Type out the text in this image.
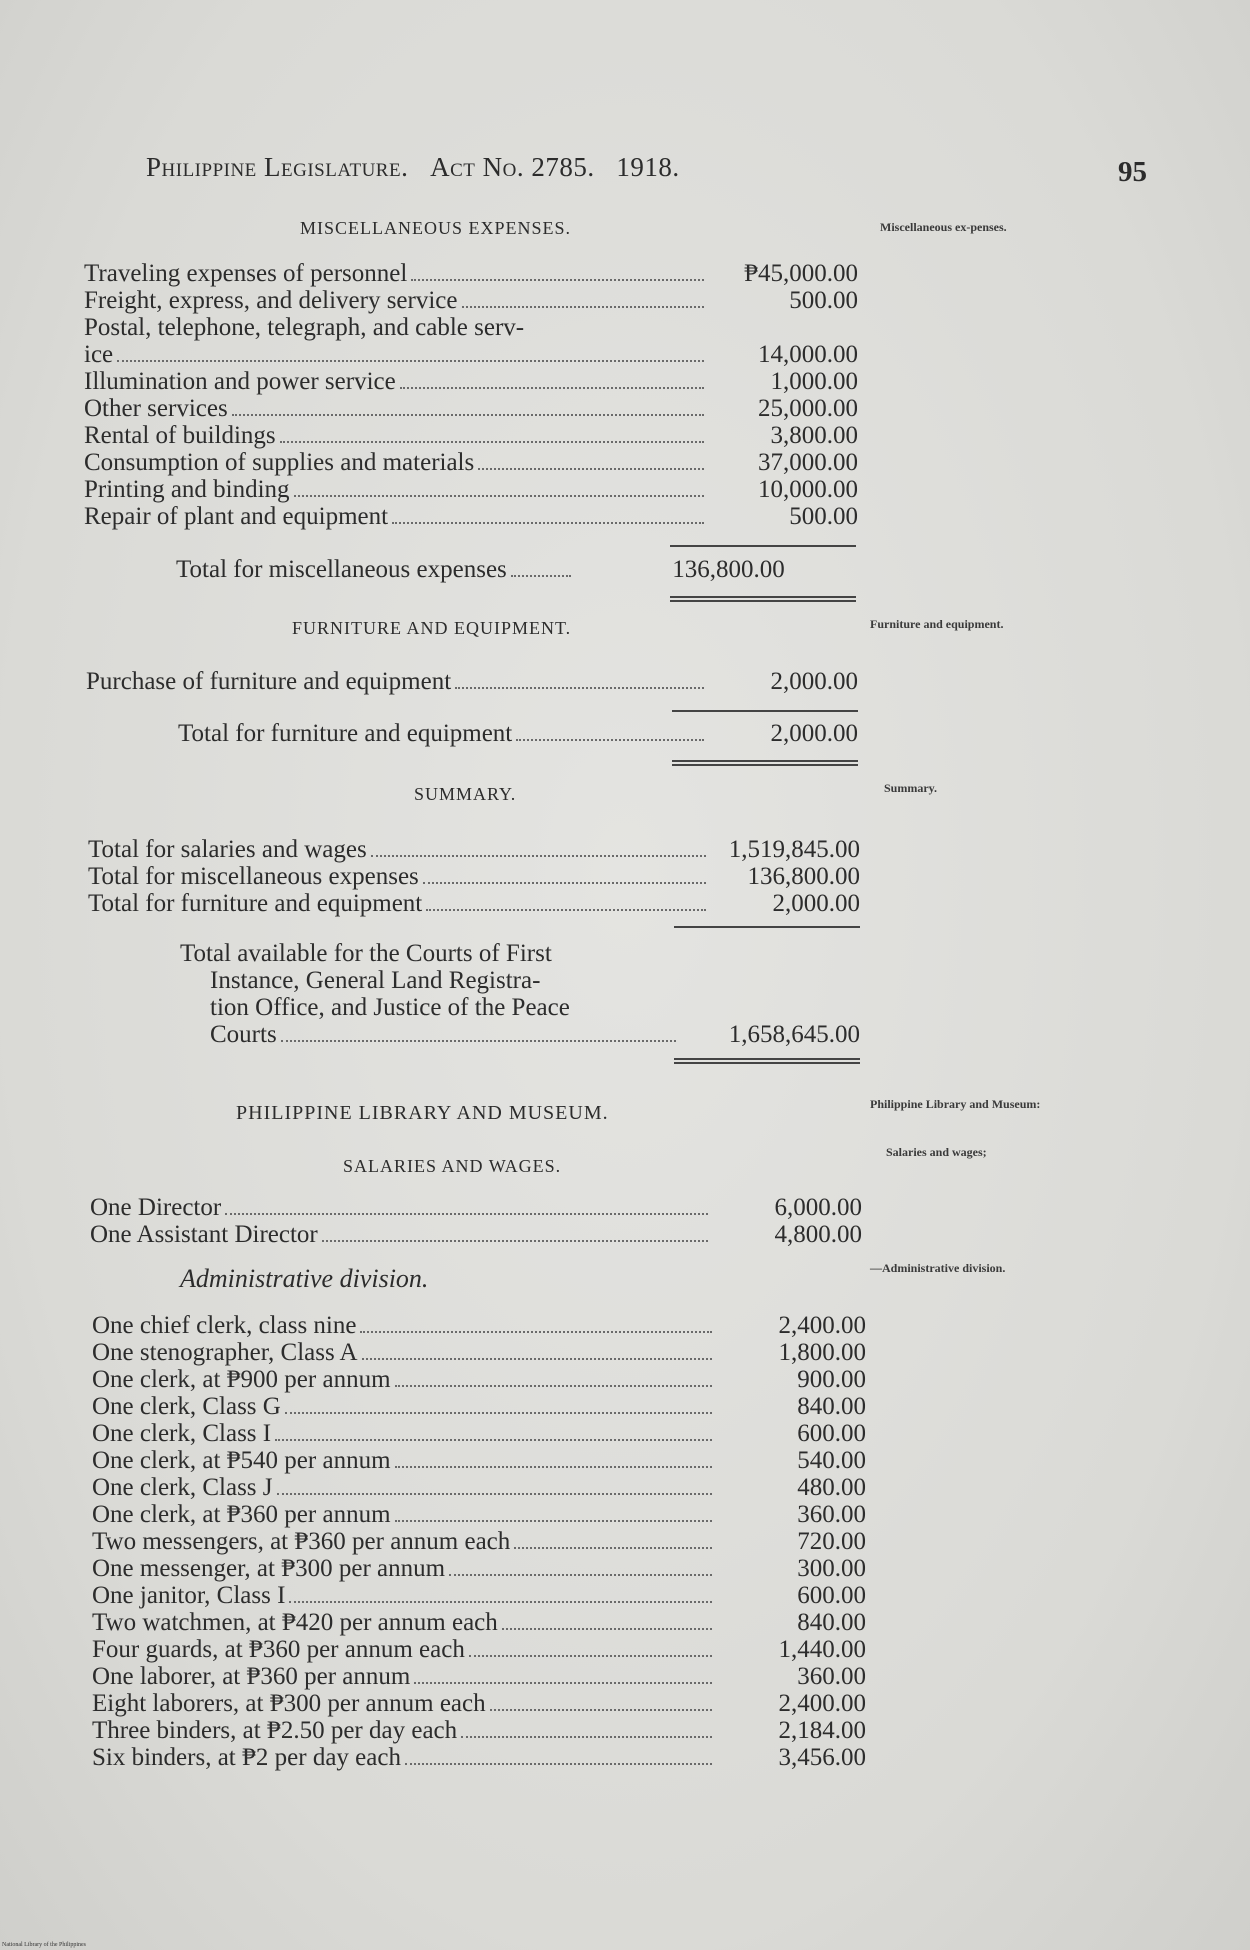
Philippine Legislature. Act No. 2785. 1918.	95
MISCELLANEOUS EXPENSES.	Miscellaneous ex-penses.
Traveling expenses of personnel	₱45,000.00
Freight, express, and delivery service	500.00
Postal, telephone, telegraph, and cable serv-
ice	14,000.00
Illumination and power service	1,000.00
Other services	25,000.00
Rental of buildings	3,800.00
Consumption of supplies and materials	37,000.00
Printing and binding	10,000.00
Repair of plant and equipment	500.00
Total for miscellaneous expenses	136,800.00
FURNITURE AND EQUIPMENT.	Furniture and equipment.
Purchase of furniture and equipment	2,000.00
Total for furniture and equipment	2,000.00
SUMMARY.	Summary.
Total for salaries and wages	1,519,845.00
Total for miscellaneous expenses	136,800.00
Total for furniture and equipment	2,000.00
Total available for the Courts of First
Instance, General Land Registra-
tion Office, and Justice of the Peace
Courts	1,658,645.00
PHILIPPINE LIBRARY AND MUSEUM.	Philippine Library and Museum:
SALARIES AND WAGES.
Salaries and wages;
One Director	6,000.00
One Assistant Director	4,800.00
Administrative division.	—Administrative division.
One chief clerk, class nine	2,400.00
One stenographer, Class A	1,800.00
One clerk, at ₱900 per annum	900.00
One clerk, Class G	840.00
One clerk, Class I	600.00
One clerk, at ₱540 per annum	540.00
One clerk, Class J	480.00
One clerk, at ₱360 per annum	360.00
Two messengers, at ₱360 per annum each	720.00
One messenger, at ₱300 per annum	300.00
One janitor, Class I	600.00
Two watchmen, at ₱420 per annum each	840.00
Four guards, at ₱360 per annum each	1,440.00
One laborer, at ₱360 per annum	360.00
Eight laborers, at ₱300 per annum each	2,400.00
Three binders, at ₱2.50 per day each	2,184.00
Six binders, at ₱2 per day each	3,456.00
National Library of the Philippines
